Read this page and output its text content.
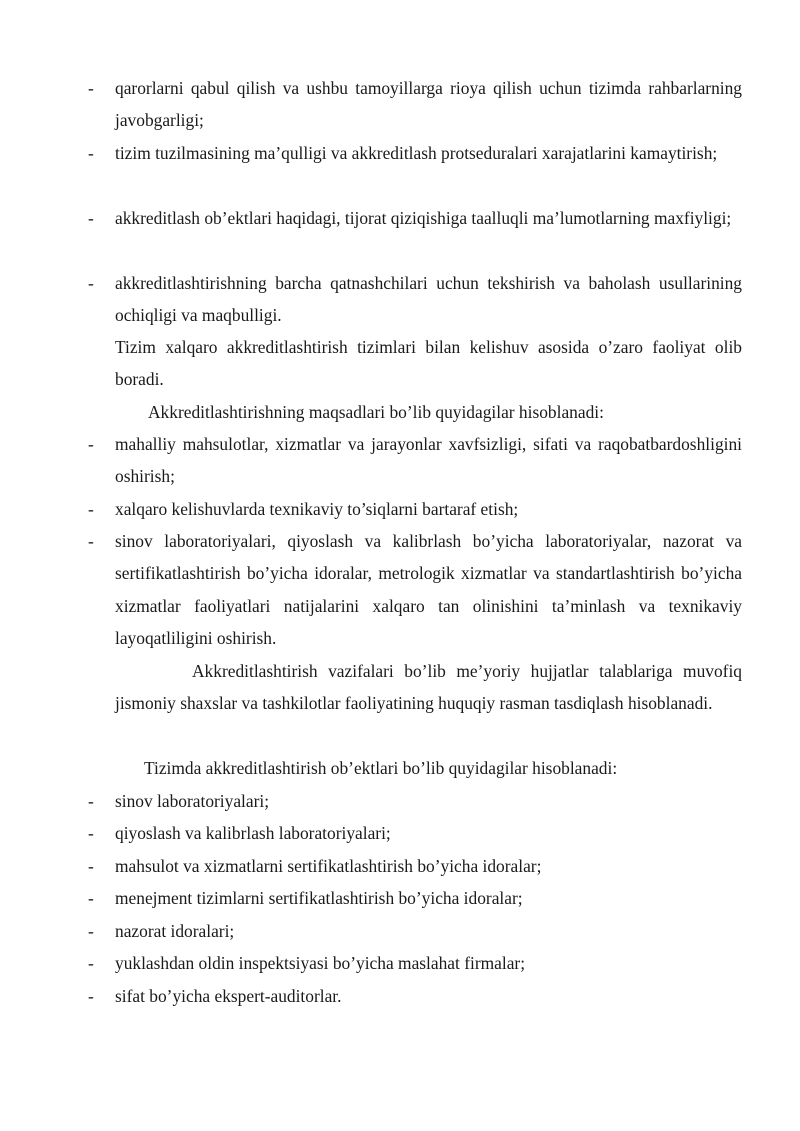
- qarorlarni qabul qilish va ushbu tamoyillarga rioya qilish uchun tizimda rahbarlarning javobgarligi;
- tizim tuzilmasining ma’qulligi va akkreditlash protseduralari xarajatlarini kamaytirish;
- akkreditlash ob’ektlari haqidagi, tijorat qiziqishiga taalluqli ma’lumotlarning maxfiyligi;
- akkreditlashtirishning barcha qatnashchilari uchun tekshirish va baholash usullarining ochiqligi va maqbulligi.
Tizim xalqaro akkreditlashtirish tizimlari bilan kelishuv asosida o’zaro faoliyat olib boradi.
Akkreditlashtirishning maqsadlari bo’lib quyidagilar hisoblanadi:
- mahalliy mahsulotlar, xizmatlar va jarayonlar xavfsizligi, sifati va raqobatbardoshligini oshirish;
- xalqaro kelishuvlarda texnikaviy to’siqlarni bartaraf etish;
- sinov laboratoriyalari, qiyoslash va kalibrlash bo’yicha laboratoriyalar, nazorat va sertifikatlashtirish bo’yicha idoralar, metrologik xizmatlar va standartlashtirish bo’yicha xizmatlar faoliyatlari natijalarini xalqaro tan olinishini ta’minlash va texnikaviy layoqatliligini oshirish.
Akkreditlashtirish vazifalari bo’lib me’yoriy hujjatlar talablariga muvofiq jismoniy shaxslar va tashkilotlar faoliyatining huquqiy rasman tasdiqlash hisoblanadi.
Tizimda akkreditlashtirish ob’ektlari bo’lib quyidagilar hisoblanadi:
- sinov laboratoriyalari;
- qiyoslash va kalibrlash laboratoriyalari;
- mahsulot va xizmatlarni sertifikatlashtirish bo’yicha idoralar;
- menejment tizimlarni sertifikatlashtirish bo’yicha idoralar;
- nazorat idoralari;
- yuklashdan oldin inspektsiyasi bo’yicha maslahat firmalar;
- sifat bo’yicha ekspert-auditorlar.
